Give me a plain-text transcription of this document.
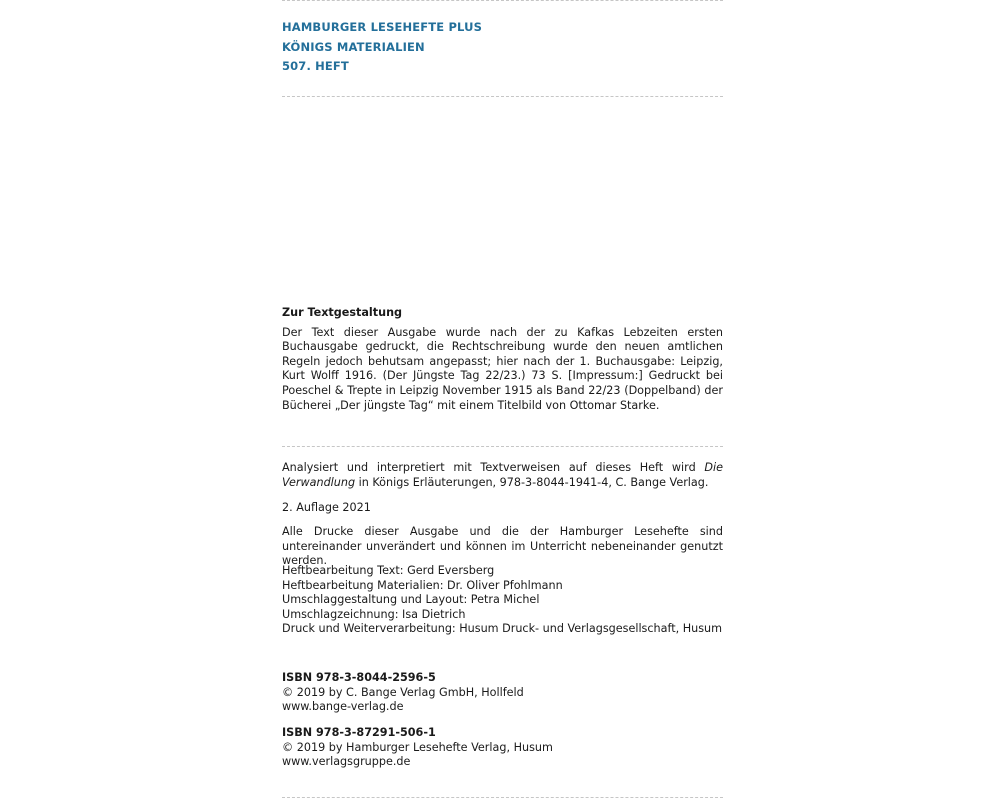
HAMBURGER LESEHEFTE PLUS
KÖNIGS MATERIALIEN
507. HEFT
Zur Textgestaltung
Der Text dieser Ausgabe wurde nach der zu Kafkas Lebzeiten ersten Buchausgabe gedruckt, die Rechtschreibung wurde den neuen amtlichen Regeln jedoch behutsam angepasst; hier nach der 1. Buchausgabe: Leipzig, Kurt Wolff 1916. (Der Jüngste Tag 22/23.) 73 S. [Impressum:] Gedruckt bei Poeschel & Trepte in Leipzig November 1915 als Band 22/23 (Doppelband) der Bücherei „Der jüngste Tag“ mit einem Titelbild von Ottomar Starke.
Analysiert und interpretiert mit Textverweisen auf dieses Heft wird Die Verwandlung in Königs Erläuterungen, 978-3-8044-1941-4, C. Bange Verlag.
2. Auflage 2021
Alle Drucke dieser Ausgabe und die der Hamburger Lesehefte sind untereinander unverändert und können im Unterricht nebeneinander genutzt werden.
Heftbearbeitung Text: Gerd Eversberg
Heftbearbeitung Materialien: Dr. Oliver Pfohlmann
Umschlaggestaltung und Layout: Petra Michel
Umschlagzeichnung: Isa Dietrich
Druck und Weiterverarbeitung: Husum Druck- und Verlagsgesellschaft, Husum
ISBN 978-3-8044-2596-5
© 2019 by C. Bange Verlag GmbH, Hollfeld
www.bange-verlag.de
ISBN 978-3-87291-506-1
© 2019 by Hamburger Lesehefte Verlag, Husum
www.verlagsgruppe.de
